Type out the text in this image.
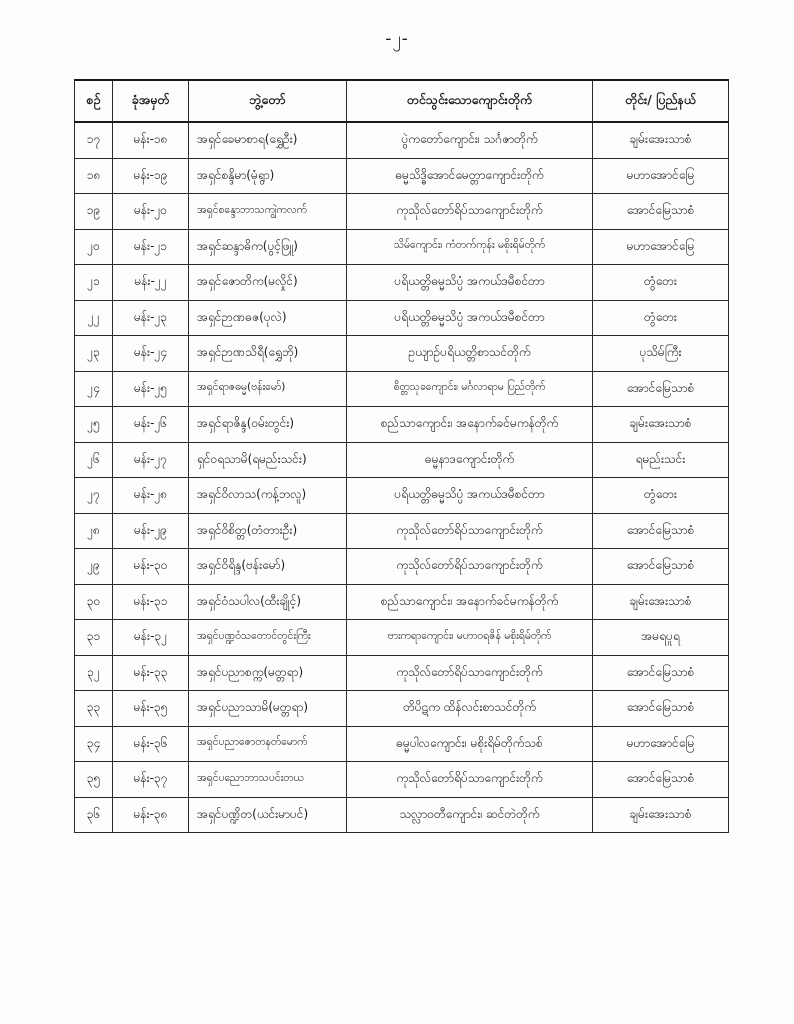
-၂-
စဉ်	ခုံအမှတ်	ဘွဲ့တော်	တင်သွင်းသောကျောင်းတိုက်	တိုင်း/ ပြည်နယ်
၁၇	မန်း-၁၈	အရှင်ခေမာစာရ(ရွှေဦး)	ပွဲကတော်ကျောင်း၊ သင်္ဂဇာတိုက်	ချမ်းအေးသာစံ
၁၈	မန်း-၁၉	အရှင်စန္ဒိမာ(မုံရွာ)	ဓမ္မသိဒ္ဓိအောင်မေတ္တာကျောင်းတိုက်	မဟာအောင်မြေ
၁၉	မန်း-၂၀	အရှင်စန္ဒောဘာသကျွဲကလက်	ကုသိုလ်တော်ရိပ်သာကျောင်းတိုက်	အောင်မြေသာစံ
၂၀	မန်း-၂၁	အရှင်ဆန္ဒာဓိက(ပွင့်ဖြူ)	သိမ်ကျောင်း၊ ကံတက်ကုန်း မစိုးရိမ်တိုက်	မဟာအောင်မြေ
၂၁	မန်း-၂၂	အရှင်ဇောတိက(မလှိုင်)	ပရိယတ္တိဓမ္မသိပ္ပံ အကယ်ဒမီစင်တာ	တွံတေး
၂၂	မန်း-၂၃	အရှင်ဉာဏဓဇ(ပုလဲ)	ပရိယတ္တိဓမ္မသိပ္ပံ အကယ်ဒမီစင်တာ	တွံတေး
၂၃	မန်း-၂၄	အရှင်ဉာဏသိရီ(ရွှေဘို)	ဥယျာဉ်ပရိယတ္တိစာသင်တိုက်	ပုသိမ်ကြီး
၂၄	မန်း-၂၅	အရှင်ရာဇဓမ္မ(ဗန်းမော်)	စိတ္တသုခကျောင်း၊ မင်္ဂလာရာမ ပြည်တိုက်	အောင်မြေသာစံ
၂၅	မန်း-၂၆	အရှင်ရာဇိန္ဒ(ဝမ်းတွင်း)	စည်သာကျောင်း၊ အနောက်ခင်မကန်တိုက်	ချမ်းအေးသာစံ
၂၆	မန်း-၂၇	ရှင်ဝရသာမိ(ရမည်းသင်း)	ဓမ္မနာဒကျောင်းတိုက်	ရမည်းသင်း
၂၇	မန်း-၂၈	အရှင်ဝိလာသ(ကန့်ဘလူ)	ပရိယတ္တိဓမ္မသိပ္ပံ အကယ်ဒမီစင်တာ	တွံတေး
၂၈	မန်း-၂၉	အရှင်ဝိစိတ္တ(တံတားဦး)	ကုသိုလ်တော်ရိပ်သာကျောင်းတိုက်	အောင်မြေသာစံ
၂၉	မန်း-၃၀	အရှင်ဝိရိန္ဒ(ဗန်းမော်)	ကုသိုလ်တော်ရိပ်သာကျောင်းတိုက်	အောင်မြေသာစံ
၃၀	မန်း-၃၁	အရှင်ဝံသပါလ(ထီးချိုင့်)	စည်သာကျောင်း၊ အနောက်ခင်မကန်တိုက်	ချမ်းအေးသာစံ
၃၁	မန်း-၃၂	အရှင်ပဏ္ဍဝံသတောင်တွင်းကြီး	ဗားကရာကျောင်း၊ မဟာဝရဇိန် မစိုးရိမ်တိုက်	အမရပူရ
၃၂	မန်း-၃၃	အရှင်ပညာစက္က(မတ္တရာ)	ကုသိုလ်တော်ရိပ်သာကျောင်းတိုက်	အောင်မြေသာစံ
၃၃	မန်း-၃၅	အရှင်ပညာသာမိ(မတ္တရာ)	တိပိဋက ထိန်လင်းစာသင်တိုက်	အောင်မြေသာစံ
၃၄	မန်း-၃၆	အရှင်ပညာဇောတနတ်မောက်	ဓမ္မပါလကျောင်း၊ မစိုးရိမ်တိုက်သစ်	မဟာအောင်မြေ
၃၅	မန်း-၃၇	အရှင်ပညောဘာသပင်းတယ	ကုသိုလ်တော်ရိပ်သာကျောင်းတိုက်	အောင်မြေသာစံ
၃၆	မန်း-၃၈	အရှင်ပဏ္ဍိတ(ယင်းမာပင်)	သလ္လာဝတီကျောင်း၊ ဆင်တဲတိုက်	ချမ်းအေးသာစံ
